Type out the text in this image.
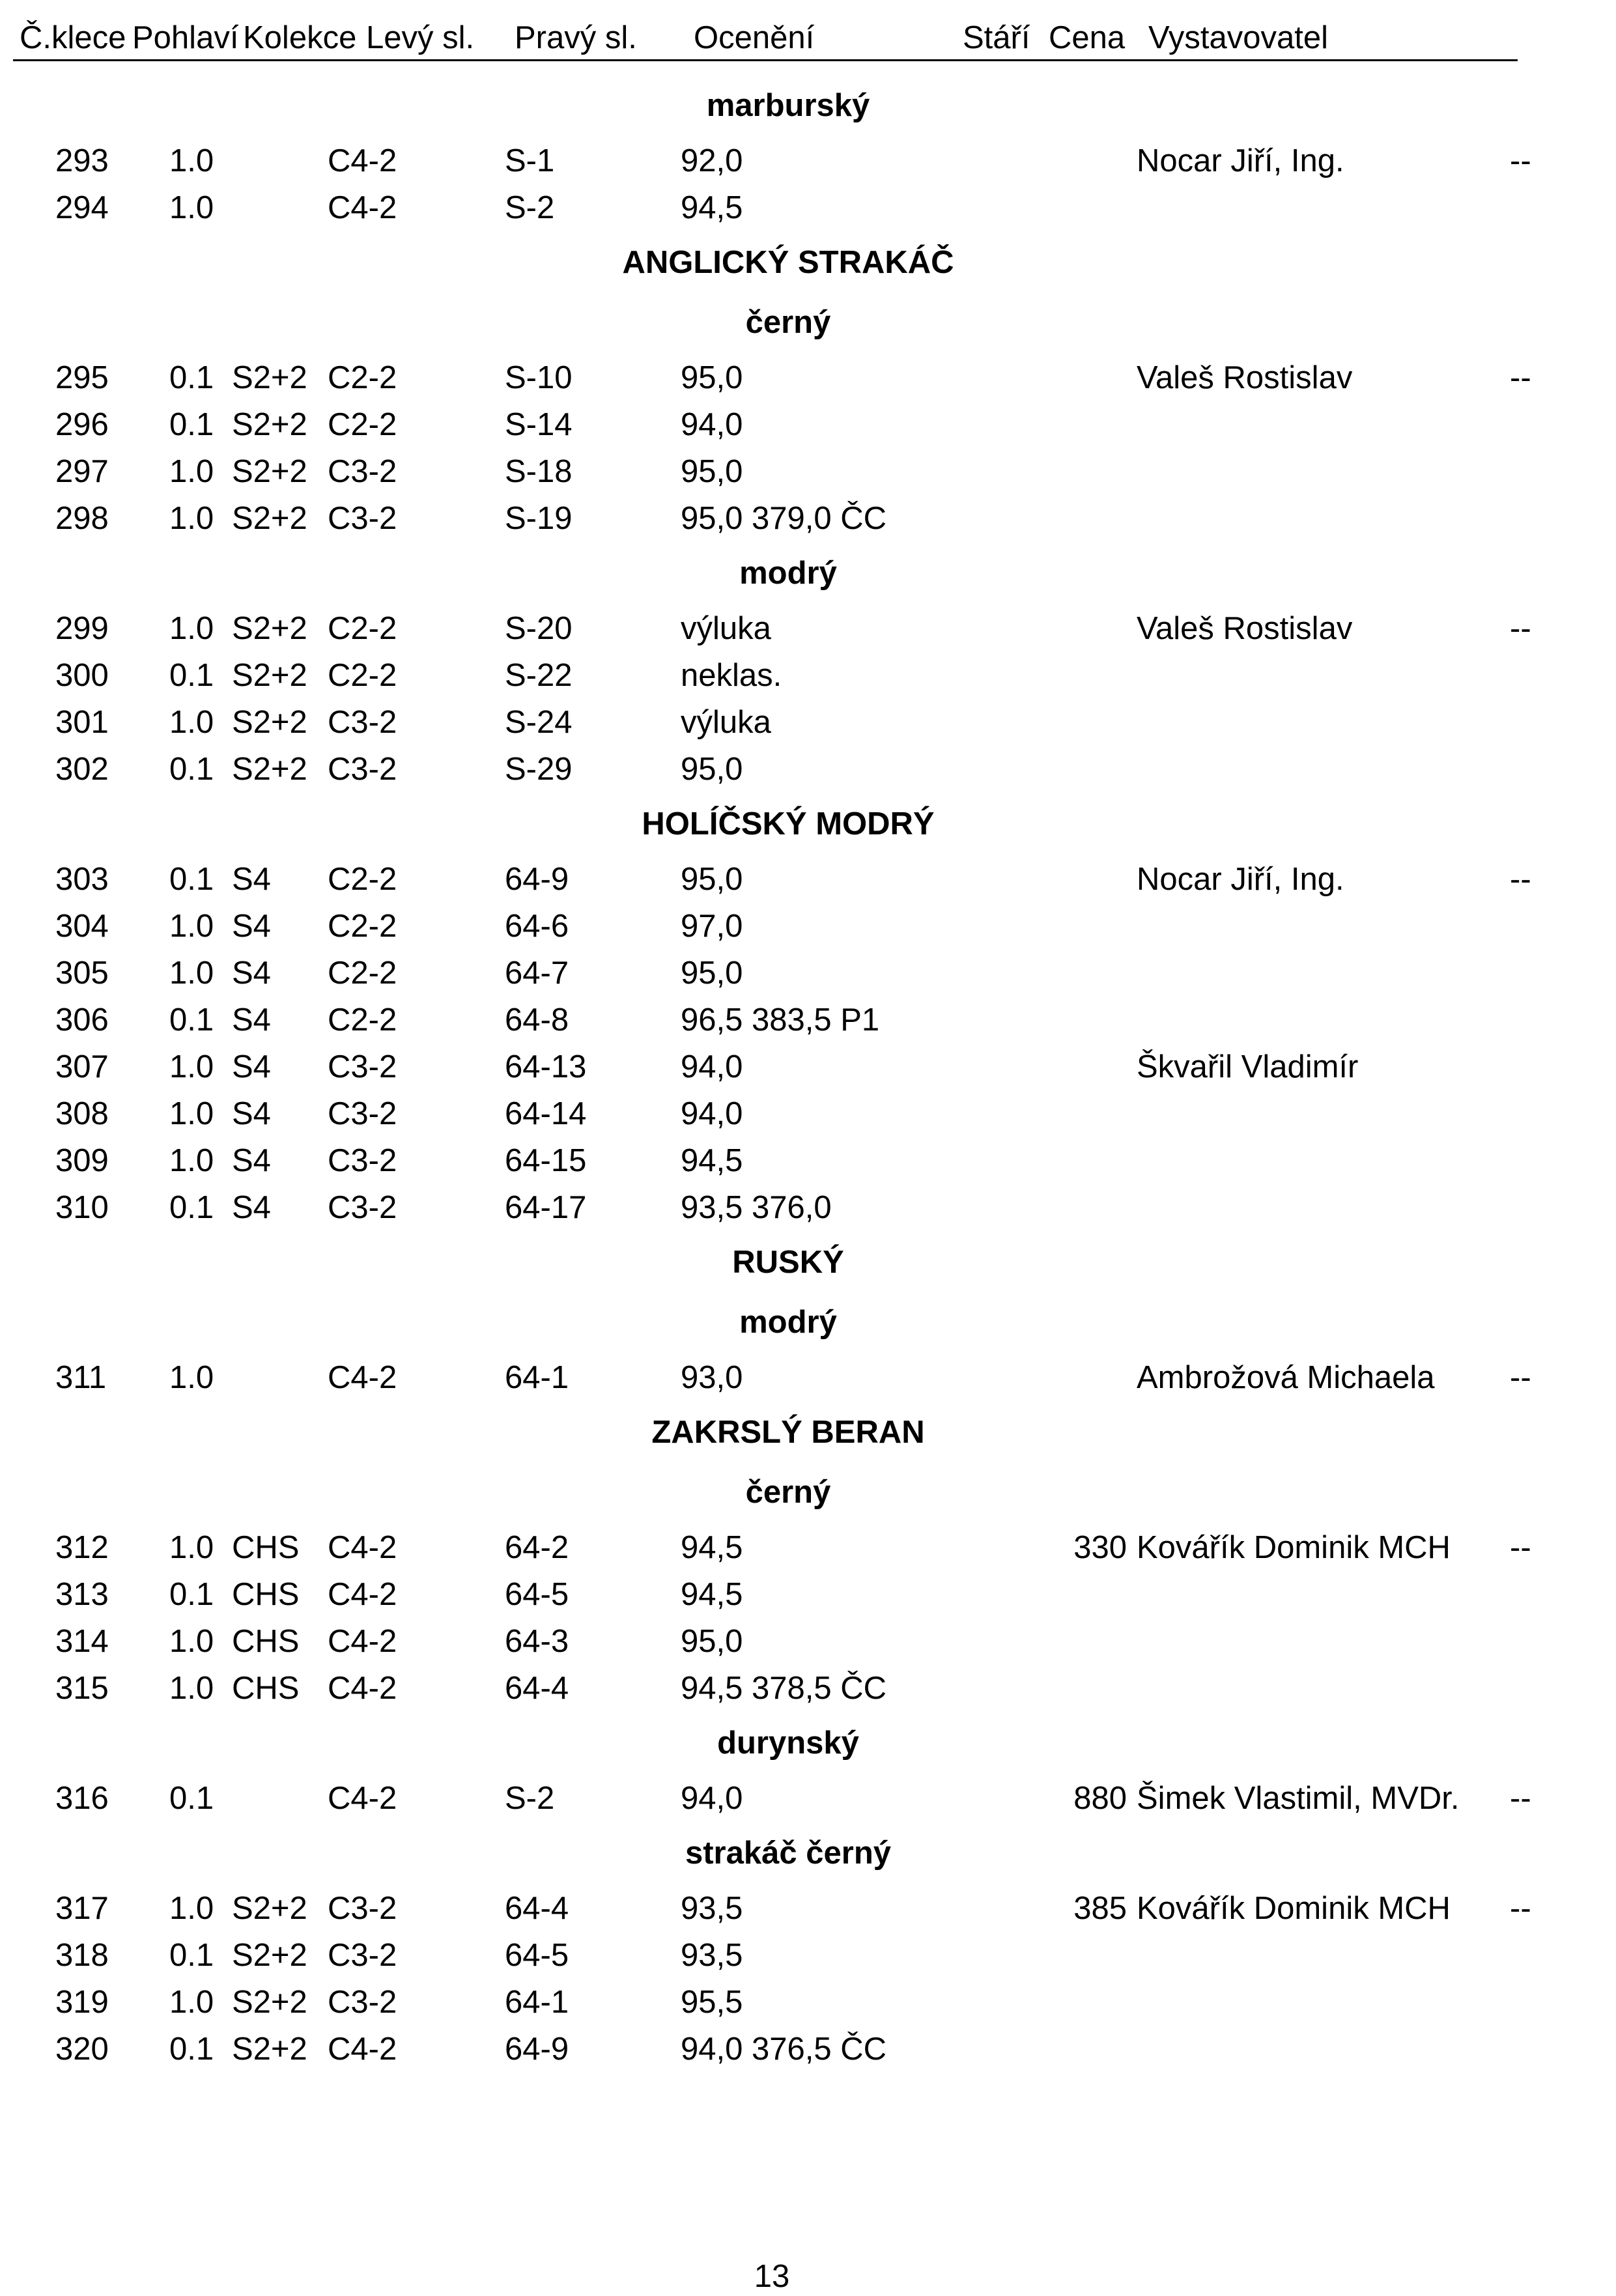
Č.klece Pohlaví Kolekce Levý sl. Pravý sl. Ocenění	Stáří Cena Vystavovatel
marburský
293 1.0	C4-2	S-1	92,0	Nocar Jiří, Ing.	--
294 1.0	C4-2	S-2	94,5
ANGLICKÝ STRAKÁČ
černý
295 0.1 S2+2 C2-2	S-10	95,0	Valeš Rostislav	--
296 0.1 S2+2 C2-2	S-14	94,0
297 1.0 S2+2 C3-2	S-18	95,0
298 1.0 S2+2 C3-2	S-19	95,0 379,0 ČC
modrý
299 1.0 S2+2 C2-2	S-20	výluka	Valeš Rostislav	--
300 0.1 S2+2 C2-2	S-22	neklas.
301 1.0 S2+2 C3-2	S-24	výluka
302 0.1 S2+2 C3-2	S-29	95,0
HOLÍČSKÝ MODRÝ
303 0.1 S4 C2-2	64-9	95,0	Nocar Jiří, Ing.	--
304 1.0 S4 C2-2	64-6	97,0
305 1.0 S4 C2-2	64-7	95,0
306 0.1 S4 C2-2	64-8	96,5 383,5 P1
307 1.0 S4 C3-2	64-13	94,0	Škvařil Vladimír
308 1.0 S4 C3-2	64-14	94,0
309 1.0 S4 C3-2	64-15	94,5
310 0.1 S4 C3-2	64-17	93,5 376,0
RUSKÝ
modrý
311 1.0	C4-2	64-1	93,0	Ambrožová Michaela --
ZAKRSLÝ BERAN
černý
312 1.0 CHS C4-2	64-2	94,5	330 Kovářík Dominik MCH --
313 0.1 CHS C4-2	64-5	94,5
314 1.0 CHS C4-2	64-3	95,0
315 1.0 CHS C4-2	64-4	94,5 378,5 ČC
durynský
316 0.1	C4-2	S-2	94,0	880 Šimek Vlastimil, MVDr. --
strakáč černý
317 1.0 S2+2 C3-2	64-4	93,5	385 Kovářík Dominik MCH --
318 0.1 S2+2 C3-2	64-5	93,5
319 1.0 S2+2 C3-2	64-1	95,5
320 0.1 S2+2 C4-2	64-9	94,0 376,5 ČC
13
